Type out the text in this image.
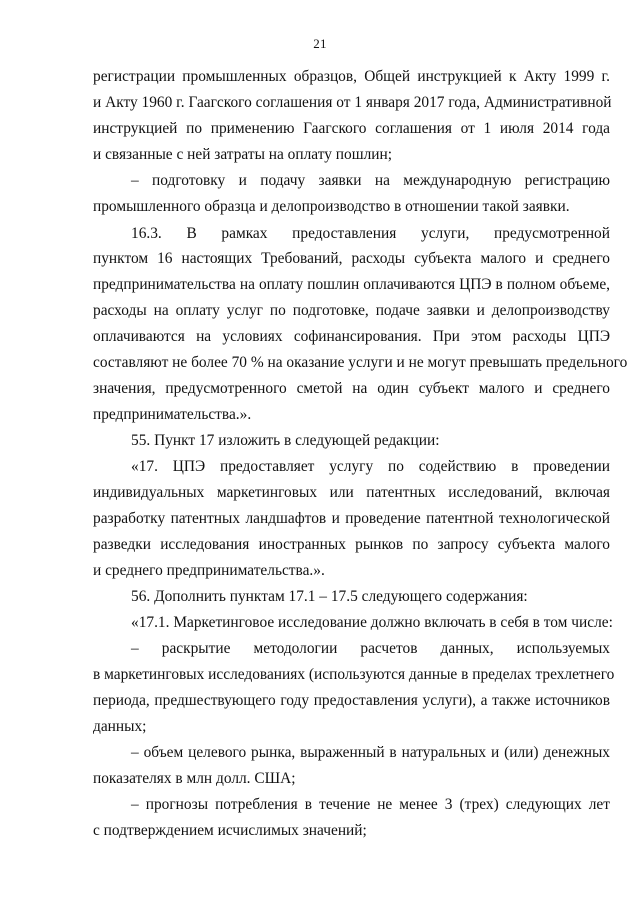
21
регистрации промышленных образцов, Общей инструкцией к Акту 1999 г.
и Акту 1960 г. Гаагского соглашения от 1 января 2017 года, Административной
инструкцией по применению Гаагского соглашения от 1 июля 2014 года
и связанные с ней затраты на оплату пошлин;
– подготовку и подачу заявки на международную регистрацию
промышленного образца и делопроизводство в отношении такой заявки.
16.3. В рамках предоставления услуги, предусмотренной
пунктом 16 настоящих Требований, расходы субъекта малого и среднего
предпринимательства на оплату пошлин оплачиваются ЦПЭ в полном объеме,
расходы на оплату услуг по подготовке, подаче заявки и делопроизводству
оплачиваются на условиях софинансирования. При этом расходы ЦПЭ
составляют не более 70 % на оказание услуги и не могут превышать предельного
значения, предусмотренного сметой на один субъект малого и среднего
предпринимательства.».
55. Пункт 17 изложить в следующей редакции:
«17. ЦПЭ предоставляет услугу по содействию в проведении
индивидуальных маркетинговых или патентных исследований, включая
разработку патентных ландшафтов и проведение патентной технологической
разведки исследования иностранных рынков по запросу субъекта малого
и среднего предпринимательства.».
56. Дополнить пунктам 17.1 – 17.5 следующего содержания:
«17.1. Маркетинговое исследование должно включать в себя в том числе:
– раскрытие методологии расчетов данных, используемых
в маркетинговых исследованиях (используются данные в пределах трехлетнего
периода, предшествующего году предоставления услуги), а также источников
данных;
– объем целевого рынка, выраженный в натуральных и (или) денежных
показателях в млн долл. США;
– прогнозы потребления в течение не менее 3 (трех) следующих лет
с подтверждением исчислимых значений;
